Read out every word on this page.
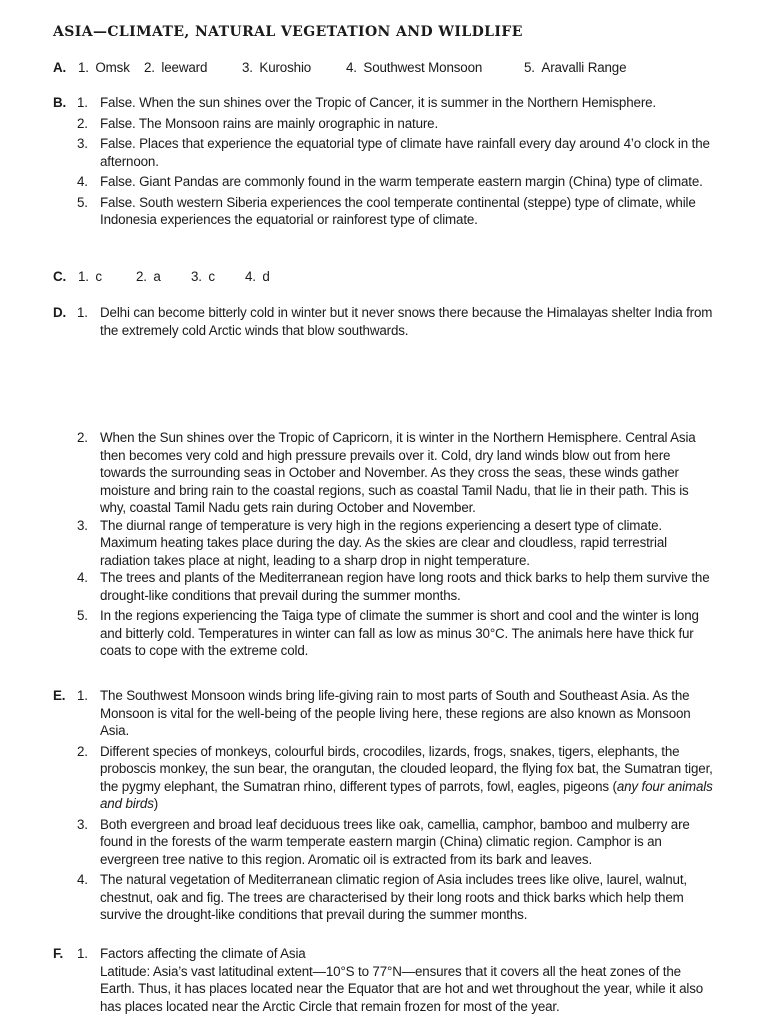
ASIA—CLIMATE, NATURAL VEGETATION AND WILDLIFE
A. 1. Omsk 2. leeward	3. Kuroshio	4. Southwest Monsoon	5. Aravalli Range
B. 1. False. When the sun shines over the Tropic of Cancer, it is summer in the Northern Hemisphere.
2. False. The Monsoon rains are mainly orographic in nature.
3. False. Places that experience the equatorial type of climate have rainfall every day around 4’o clock in the afternoon.
4. False. Giant Pandas are commonly found in the warm temperate eastern margin (China) type of climate.
5. False. South western Siberia experiences the cool temperate continental (steppe) type of climate, while Indonesia experiences the equatorial or rainforest type of climate.
C. 1. c	2. a 3. c 4. d
D. 1. Delhi can become bitterly cold in winter but it never snows there because the Himalayas shelter India from the extremely cold Arctic winds that blow southwards.
2. When the Sun shines over the Tropic of Capricorn, it is winter in the Northern Hemisphere. Central Asia then becomes very cold and high pressure prevails over it. Cold, dry land winds blow out from here towards the surrounding seas in October and November. As they cross the seas, these winds gather moisture and bring rain to the coastal regions, such as coastal Tamil Nadu, that lie in their path. This is why, coastal Tamil Nadu gets rain during October and November.
3. The diurnal range of temperature is very high in the regions experiencing a desert type of climate. Maximum heating takes place during the day. As the skies are clear and cloudless, rapid terrestrial radiation takes place at night, leading to a sharp drop in night temperature.
4. The trees and plants of the Mediterranean region have long roots and thick barks to help them survive the drought-like conditions that prevail during the summer months.
5. In the regions experiencing the Taiga type of climate the summer is short and cool and the winter is long and bitterly cold. Temperatures in winter can fall as low as minus 30°C. The animals here have thick fur coats to cope with the extreme cold.
E. 1. The Southwest Monsoon winds bring life-giving rain to most parts of South and Southeast Asia. As the Monsoon is vital for the well-being of the people living here, these regions are also known as Monsoon Asia.
2. Different species of monkeys, colourful birds, crocodiles, lizards, frogs, snakes, tigers, elephants, the proboscis monkey, the sun bear, the orangutan, the clouded leopard, the flying fox bat, the Sumatran tiger, the pygmy elephant, the Sumatran rhino, different types of parrots, fowl, eagles, pigeons (any four animals and birds)
3. Both evergreen and broad leaf deciduous trees like oak, camellia, camphor, bamboo and mulberry are found in the forests of the warm temperate eastern margin (China) climatic region. Camphor is an evergreen tree native to this region. Aromatic oil is extracted from its bark and leaves.
4. The natural vegetation of Mediterranean climatic region of Asia includes trees like olive, laurel, walnut, chestnut, oak and fig. The trees are characterised by their long roots and thick barks which help them survive the drought-like conditions that prevail during the summer months.
F. 1. Factors affecting the climate of Asia
Latitude: Asia’s vast latitudinal extent—10°S to 77°N—ensures that it covers all the heat zones of the Earth. Thus, it has places located near the Equator that are hot and wet throughout the year, while it also has places located near the Arctic Circle that remain frozen for most of the year.
